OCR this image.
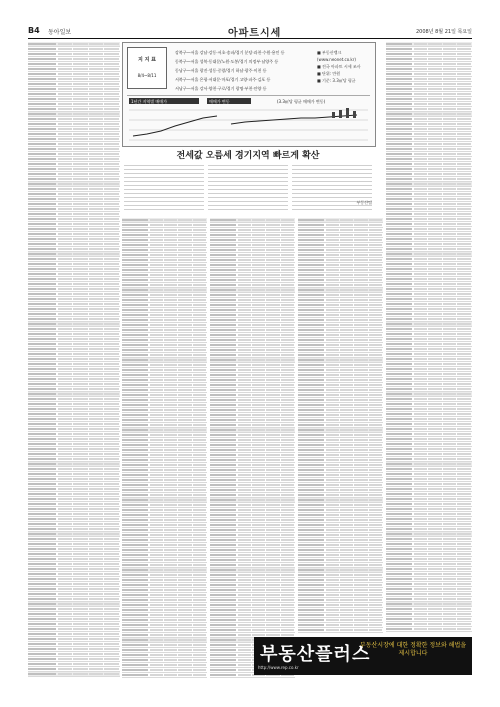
B4 동아일보	아파트시세	2008년 8월 21일 목요일
지 지 표
8/4~8/11
강북구―서울 강남·강동·서초·송파/경기 분당·과천·수원·용인 등
동북구―서울 성북·동대문/노원·도봉/경기 의정부·남양주 등
동남구―서울 광진·성동·중랑/경기 하남·광주·이천 등
서북구―서울 은평·서대문·마포/경기 고양·파주·김포 등
서남구―서울 강서·양천·구로/경기 광명·부천·안양 등
■ 부동산뱅크 (www.neonet.co.kr)
■ 전국 아파트 시세 조사
■ 단위: 만원
■ 기준: 3.3㎡당 평균
1년간 지역별 매매가	매매가 변동	(3.3㎡당 평균 매매가 변동)
전세값 오름세 경기지역 빠르게 확산
부동산팀
부동산플러스
부동산시장에 대한 정확한 정보와 해법을 제시합니다
http://www.rep.co.kr
